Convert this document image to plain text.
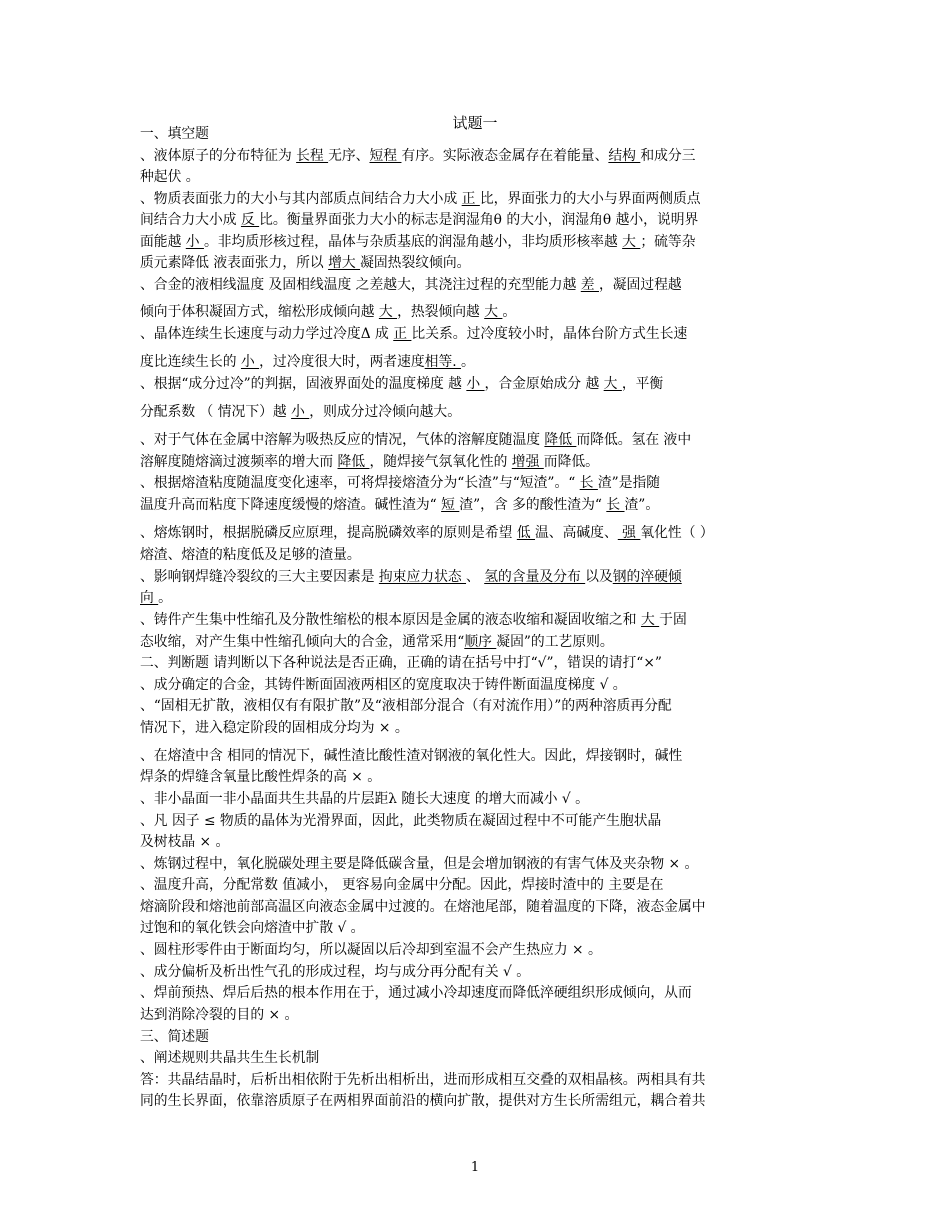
试题一
一、填空题
、液体原子的分布特征为 长程 无序、短程 有序。实际液态金属存在着能量、结构 和成分三
种起伏 。
、物质表面张力的大小与其内部质点间结合力大小成 正 比，界面张力的大小与界面两侧质点
间结合力大小成 反 比。衡量界面张力大小的标志是润湿角θ 的大小，润湿角θ 越小，说明界
面能越 小 。非均质形核过程，晶体与杂质基底的润湿角越小，非均质形核率越 大 ；硫等杂
质元素降低 液表面张力，所以 增大 凝固热裂纹倾向。
、合金的液相线温度 及固相线温度 之差越大，其浇注过程的充型能力越 差 ，凝固过程越
倾向于体积凝固方式，缩松形成倾向越 大 ，热裂倾向越 大 。
、晶体连续生长速度与动力学过冷度Δ 成 正 比关系。过冷度较小时，晶体台阶方式生长速
度比连续生长的 小 ，过冷度很大时，两者速度相等. 。
、根据“成分过冷”的判据，固液界面处的温度梯度 越 小 ，合金原始成分 越 大 ，平衡
分配系数 （ 情况下）越 小 ，则成分过冷倾向越大。
、对于气体在金属中溶解为吸热反应的情况，气体的溶解度随温度 降低 而降低。氢在 液中
溶解度随熔滴过渡频率的增大而 降低 ，随焊接气氛氧化性的 增强 而降低。
、根据熔渣粘度随温度变化速率，可将焊接熔渣分为“长渣”与“短渣”。“ 长 渣”是指随
温度升高而粘度下降速度缓慢的熔渣。碱性渣为“ 短 渣”，含 多的酸性渣为“ 长 渣”。
、熔炼钢时，根据脱磷反应原理，提高脱磷效率的原则是希望 低 温、高碱度、 强 氧化性（ ）
熔渣、熔渣的粘度低及足够的渣量。
、影响钢焊缝冷裂纹的三大主要因素是 拘束应力状态 、 氢的含量及分布 以及钢的淬硬倾
向 。
、铸件产生集中性缩孔及分散性缩松的根本原因是金属的液态收缩和凝固收缩之和 大 于固
态收缩，对产生集中性缩孔倾向大的合金，通常采用“顺序 凝固”的工艺原则。
二、判断题 请判断以下各种说法是否正确，正确的请在括号中打“√”，错误的请打“×”
、成分确定的合金，其铸件断面固液两相区的宽度取决于铸件断面温度梯度 √ 。
、“固相无扩散，液相仅有有限扩散”及“液相部分混合（有对流作用）”的两种溶质再分配
情况下，进入稳定阶段的固相成分均为 × 。
、在熔渣中含 相同的情况下，碱性渣比酸性渣对钢液的氧化性大。因此，焊接钢时，碱性
焊条的焊缝含氧量比酸性焊条的高 × 。
、非小晶面一非小晶面共生共晶的片层距λ 随长大速度 的增大而减小 √ 。
、凡 因子 ≤ 物质的晶体为光滑界面，因此，此类物质在凝固过程中不可能产生胞状晶
及树枝晶 × 。
、炼钢过程中，氧化脱碳处理主要是降低碳含量，但是会增加钢液的有害气体及夹杂物 × 。
、温度升高，分配常数 值减小， 更容易向金属中分配。因此，焊接时渣中的 主要是在
熔滴阶段和熔池前部高温区向液态金属中过渡的。在熔池尾部，随着温度的下降，液态金属中
过饱和的氧化铁会向熔渣中扩散 √ 。
、圆柱形零件由于断面均匀，所以凝固以后冷却到室温不会产生热应力 × 。
、成分偏析及析出性气孔的形成过程，均与成分再分配有关 √ 。
、焊前预热、焊后后热的根本作用在于，通过减小冷却速度而降低淬硬组织形成倾向，从而
达到消除冷裂的目的 × 。
三、简述题
、阐述规则共晶共生生长机制
答：共晶结晶时，后析出相依附于先析出相析出，进而形成相互交叠的双相晶核。两相具有共
同的生长界面，依靠溶质原子在两相界面前沿的横向扩散，提供对方生长所需组元，耦合着共
1
